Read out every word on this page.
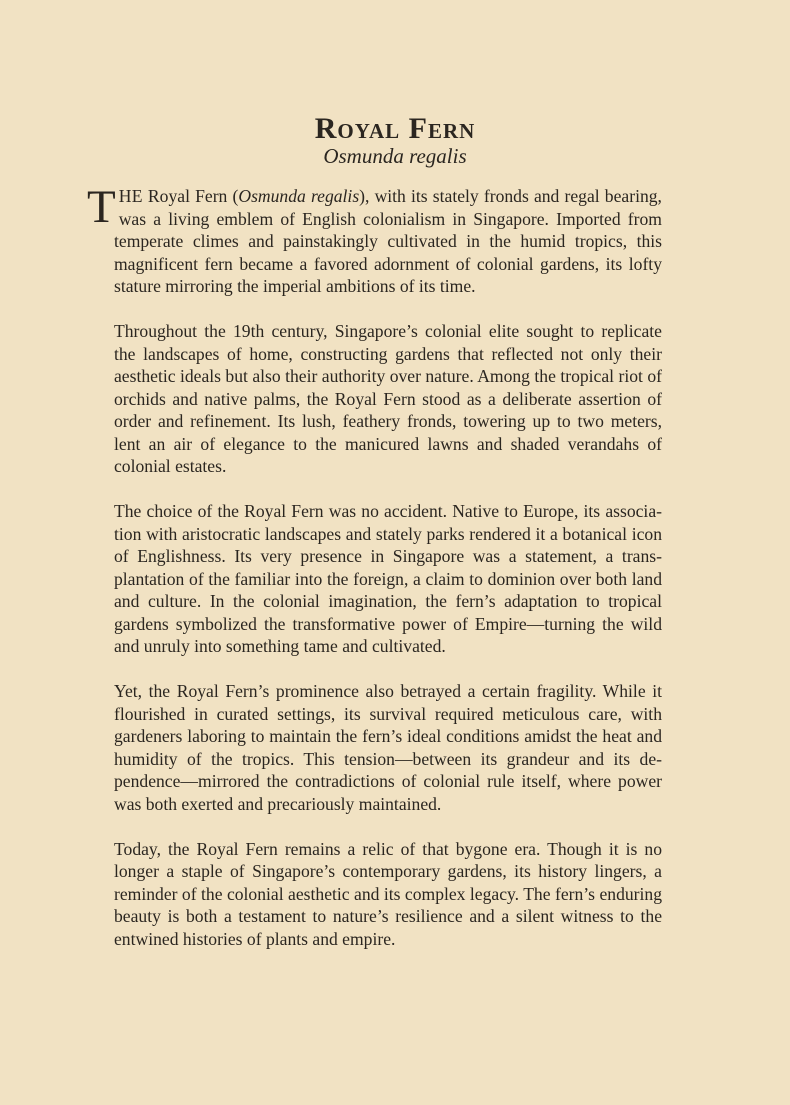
Royal Fern
Osmunda regalis

THE Royal Fern (Osmunda regalis), with its stately fronds and regal bearing, was a living emblem of English colonialism in Singapore. Imported from temperate climes and painstakingly cultivated in the humid tropics, this magnificent fern became a favored adornment of colonial gardens, its lofty stature mirroring the imperial ambitions of its time.

Throughout the 19th century, Singapore’s colonial elite sought to replicate the landscapes of home, constructing gardens that reflected not only their aesthetic ideals but also their authority over nature. Among the tropical riot of orchids and native palms, the Royal Fern stood as a deliberate assertion of order and refinement. Its lush, feathery fronds, towering up to two meters, lent an air of elegance to the manicured lawns and shaded verandahs of colonial estates.

The choice of the Royal Fern was no accident. Native to Europe, its association with aristocratic landscapes and stately parks rendered it a botanical icon of Englishness. Its very presence in Singapore was a statement, a transplantation of the familiar into the foreign, a claim to dominion over both land and culture. In the colonial imagination, the fern’s adaptation to tropical gardens symbolized the transformative power of Empire—turning the wild and unruly into something tame and cultivated.

Yet, the Royal Fern’s prominence also betrayed a certain fragility. While it flourished in curated settings, its survival required meticulous care, with gardeners laboring to maintain the fern’s ideal conditions amidst the heat and humidity of the tropics. This tension—between its grandeur and its dependence—mirrored the contradictions of colonial rule itself, where power was both exerted and precariously maintained.

Today, the Royal Fern remains a relic of that bygone era. Though it is no longer a staple of Singapore’s contemporary gardens, its history lingers, a reminder of the colonial aesthetic and its complex legacy. The fern’s enduring beauty is both a testament to nature’s resilience and a silent witness to the entwined histories of plants and empire.
